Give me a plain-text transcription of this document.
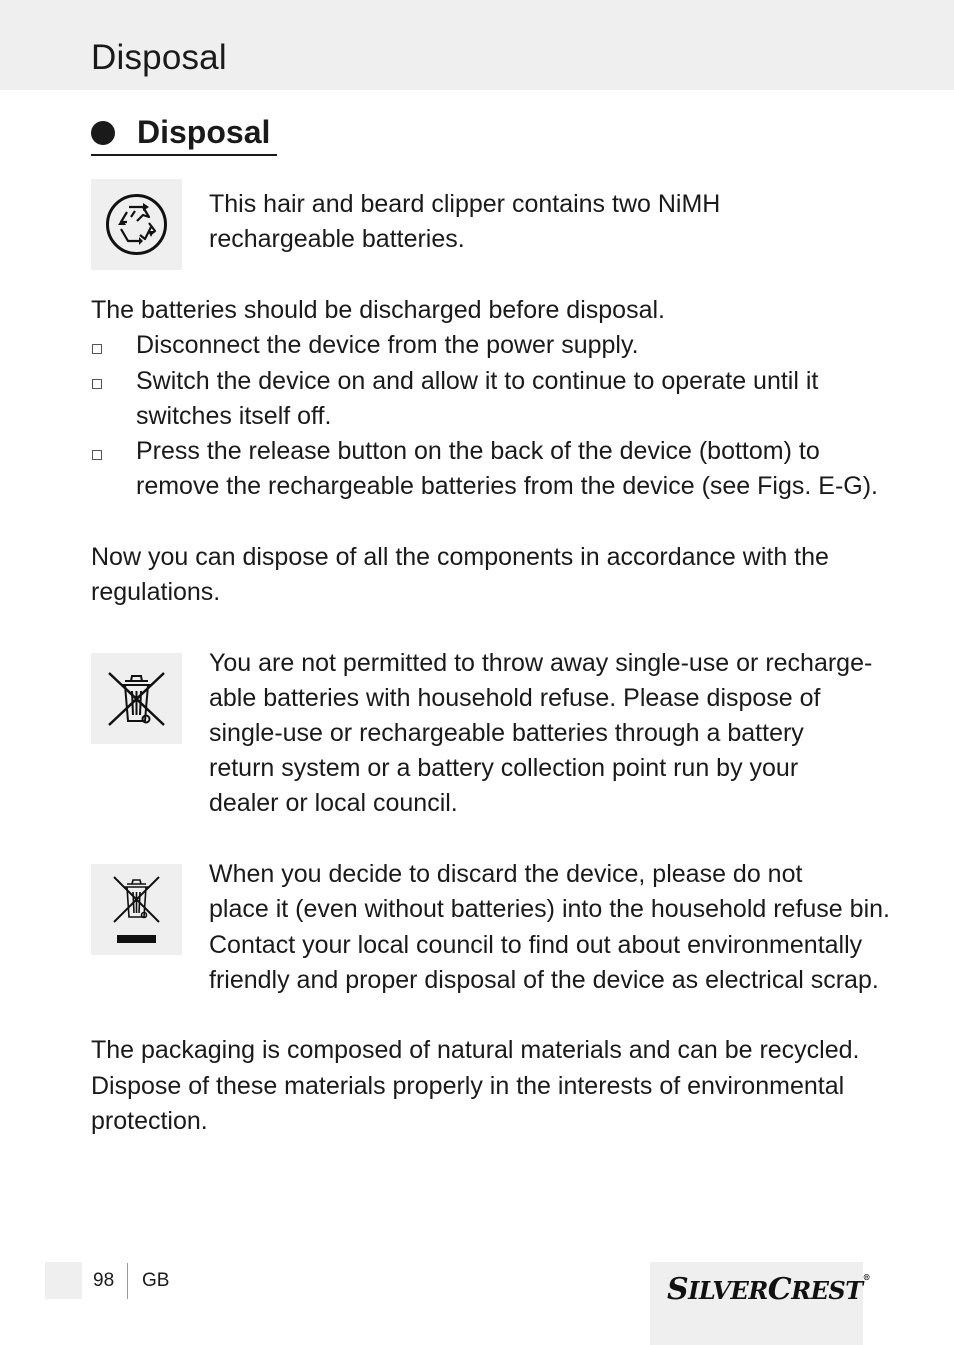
Disposal
Disposal
This hair and beard clipper contains two NiMH
rechargeable batteries.
The batteries should be discharged before disposal.
Disconnect the device from the power supply.
Switch the device on and allow it to continue to operate until it
switches itself off.
Press the release button on the back of the device (bottom) to
remove the rechargeable batteries from the device (see Figs. E-G).
Now you can dispose of all the components in accordance with the
regulations.
You are not permitted to throw away single-use or recharge-
able batteries with household refuse. Please dispose of
single-use or rechargeable batteries through a battery
return system or a battery collection point run by your
dealer or local council.
When you decide to discard the device, please do not
place it (even without batteries) into the household refuse bin.
Contact your local council to find out about environmentally
friendly and proper disposal of the device as electrical scrap.
The packaging is composed of natural materials and can be recycled.
Dispose of these materials properly in the interests of environmental
protection.
98 GB	SILVERCREST®
